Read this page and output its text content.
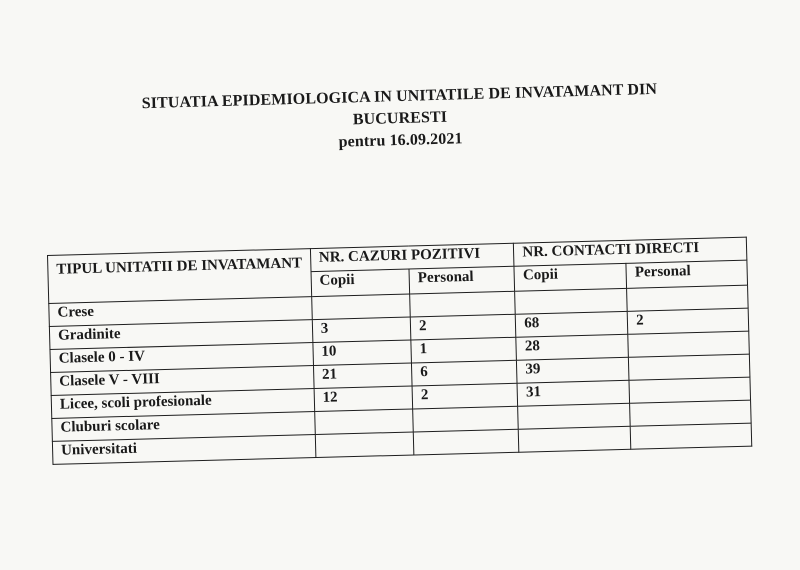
SITUATIA EPIDEMIOLOGICA IN UNITATILE DE INVATAMANT DIN
BUCURESTI
pentru 16.09.2021
TIPUL UNITATII DE INVATAMANT	NR. CAZURI POZITIVI		NR. CONTACTI DIRECTI	
	Copii	Personal	Copii	Personal
Crese				
Gradinite	3	2	68	2
Clasele 0 - IV	10	1	28	
Clasele V - VIII	21	6	39	
Licee, scoli profesionale	12	2	31	
Cluburi scolare				
Universitati				
